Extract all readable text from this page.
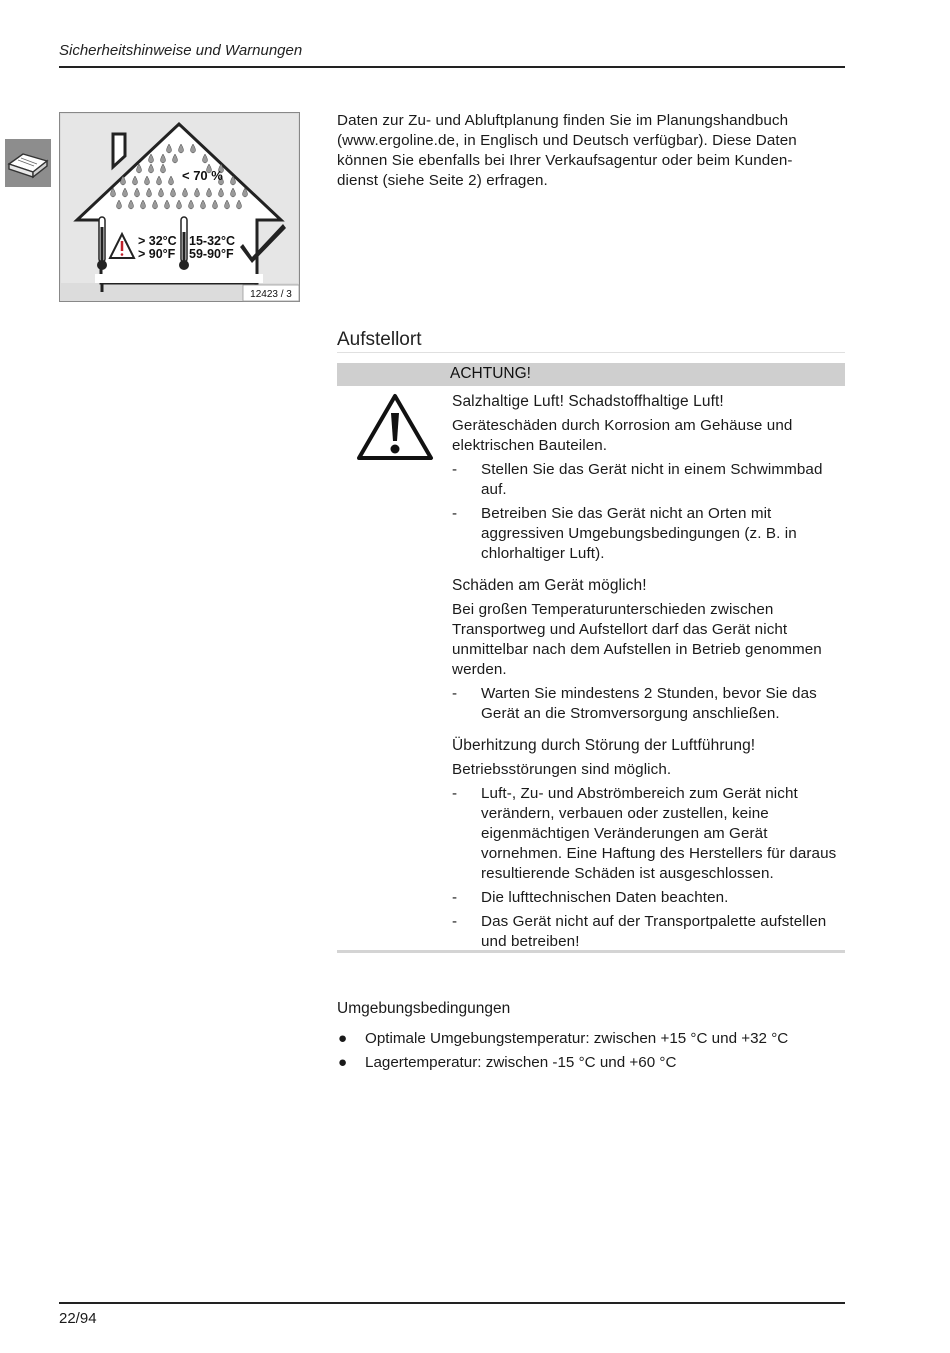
Sicherheitshinweise und Warnungen
< 70 %
> 32°C
> 90°F
15-32°C
59-90°F
12423 / 3

Daten zur Zu- und Abluftplanung finden Sie im Planungshandbuch

(www.ergoline.de, in Englisch und Deutsch verfügbar). Diese Daten

können Sie ebenfalls bei Ihrer Verkaufsagentur oder beim Kunden-

dienst (siehe Seite 2) erfragen.

Aufstellort
ACHTUNG!
Salzhaltige Luft! Schadstoffhaltige Luft!

Geräteschäden durch Korrosion am Gehäuse und elektrischen Bauteilen.

- Stellen Sie das Gerät nicht in einem Schwimmbad auf.
- Betreiben Sie das Gerät nicht an Orten mit aggressiven Umgebungsbedingungen (z. B. in chlorhaltiger Luft).
Schäden am Gerät möglich!

Bei großen Temperaturunterschieden zwischen Transportweg und Aufstellort darf das Gerät nicht unmittelbar nach dem Aufstellen in Betrieb genommen werden.

- Warten Sie mindestens 2 Stunden, bevor Sie das Gerät an die Stromversorgung anschließen.
Überhitzung durch Störung der Luftführung!

Betriebsstörungen sind möglich.

- Luft-, Zu- und Abströmbereich zum Gerät nicht verändern, verbauen oder zustellen, keine eigenmächtigen Veränderungen am Gerät vornehmen. Eine Haftung des Herstellers für daraus resultierende Schäden ist ausgeschlossen.
- Die lufttechnischen Daten beachten.
- Das Gerät nicht auf der Transportpalette aufstellen und betreiben!
Umgebungsbedingungen
● Optimale Umgebungstemperatur: zwischen +15 °C und +32 °C
● Lagertemperatur: zwischen -15 °C und +60 °C
22/94
